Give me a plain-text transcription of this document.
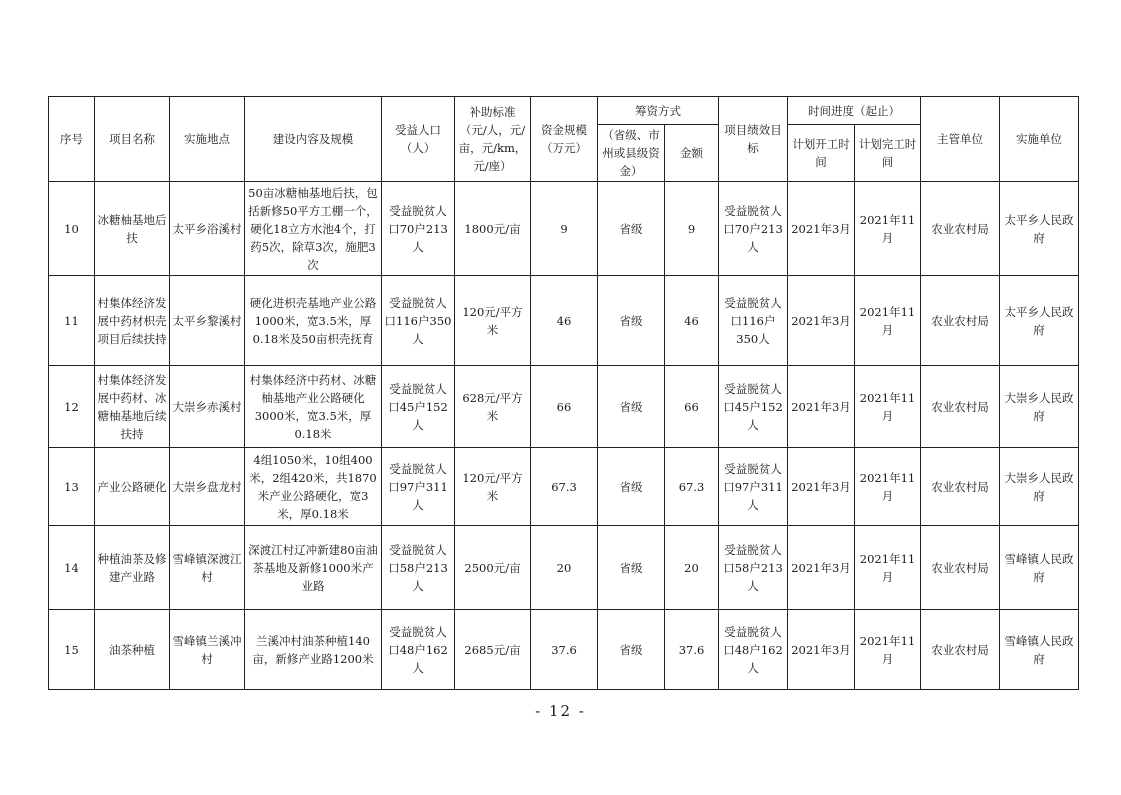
序号	项目名称	实施地点	建设内容及规模	受益人口（人）	补助标准（元/人，元/亩，元/km，元/座）	资金规模（万元）	筹资方式		项目绩效目标	时间进度（起止）		主管单位	实施单位
							（省级、市州或县级资金）	金额		计划开工时间	计划完工时间		
10	冰糖柚基地后扶	太平乡浴溪村	50亩冰糖柚基地后扶，包括新修50平方工棚一个，硬化18立方水池4个，打药5次，除草3次，施肥3次	受益脱贫人口70户213人	1800元/亩	9	省级	9	受益脱贫人口70户213人	2021年3月	2021年11月	农业农村局	太平乡人民政府
11	村集体经济发展中药材枳壳项目后续扶持	太平乡黎溪村	硬化进枳壳基地产业公路1000米，宽3.5米，厚0.18米及50亩枳壳抚育	受益脱贫人口116户350人	120元/平方米	46	省级	46	受益脱贫人口116户350人	2021年3月	2021年11月	农业农村局	太平乡人民政府
12	村集体经济发展中药材、冰糖柚基地后续扶持	大崇乡赤溪村	村集体经济中药材、冰糖柚基地产业公路硬化3000米，宽3.5米，厚0.18米	受益脱贫人口45户152人	628元/平方米	66	省级	66	受益脱贫人口45户152人	2021年3月	2021年11月	农业农村局	大崇乡人民政府
13	产业公路硬化	大崇乡盘龙村	4组1050米，10组400米，2组420米，共1870米产业公路硬化，宽3米，厚0.18米	受益脱贫人口97户311人	120元/平方米	67.3	省级	67.3	受益脱贫人口97户311人	2021年3月	2021年11月	农业农村局	大崇乡人民政府
14	种植油茶及修建产业路	雪峰镇深渡江村	深渡江村辽冲新建80亩油茶基地及新修1000米产业路	受益脱贫人口58户213人	2500元/亩	20	省级	20	受益脱贫人口58户213人	2021年3月	2021年11月	农业农村局	雪峰镇人民政府
15	油茶种植	雪峰镇兰溪冲村	兰溪冲村油茶种植140亩，新修产业路1200米	受益脱贫人口48户162人	2685元/亩	37.6	省级	37.6	受益脱贫人口48户162人	2021年3月	2021年11月	农业农村局	雪峰镇人民政府
- 12 -
